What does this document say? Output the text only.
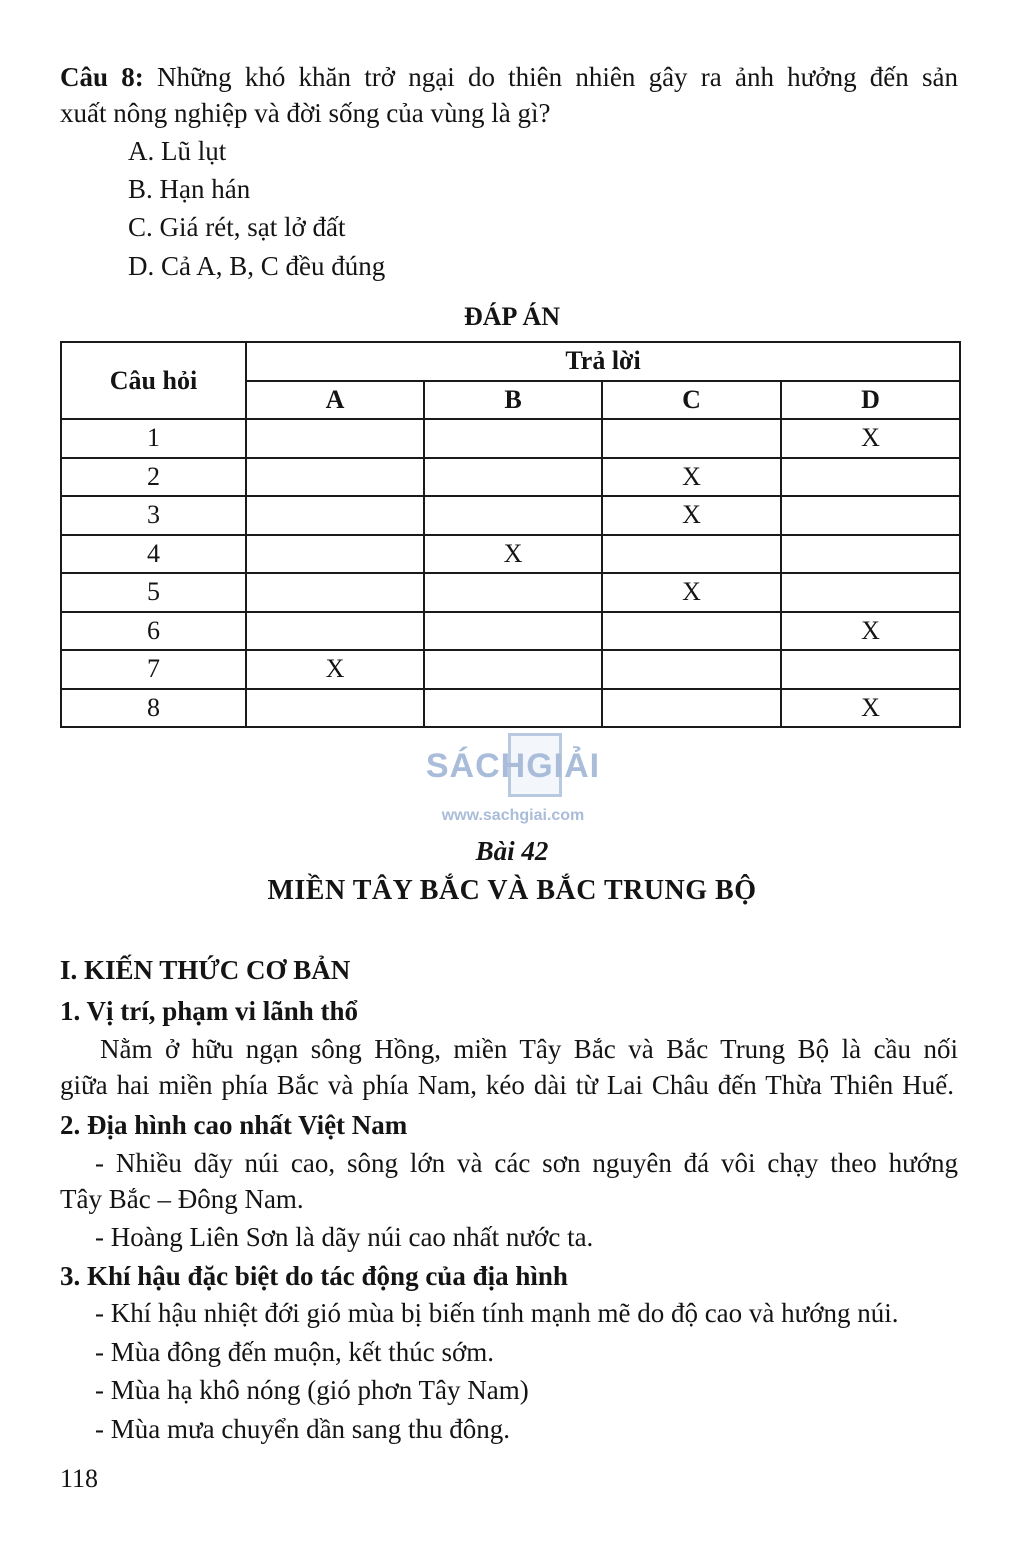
Câu 8: Những khó khăn trở ngại do thiên nhiên gây ra ảnh hưởng đến sản
xuất nông nghiệp và đời sống của vùng là gì?
A. Lũ lụt
B. Hạn hán
C. Giá rét, sạt lở đất
D. Cả A, B, C đều đúng
ĐÁP ÁN
Câu hỏi	Trả lời			
	A	B	C	D
1				X
2			X	
3			X	
4		X		
5			X	
6				X
7	X			
8				X
SÁCHGIẢI
www.sachgiai.com
Bài 42
MIỀN TÂY BẮC VÀ BẮC TRUNG BỘ
I. KIẾN THỨC CƠ BẢN
1. Vị trí, phạm vi lãnh thổ
Nằm ở hữu ngạn sông Hồng, miền Tây Bắc và Bắc Trung Bộ là cầu nối
giữa hai miền phía Bắc và phía Nam, kéo dài từ Lai Châu đến Thừa Thiên Huế.
2. Địa hình cao nhất Việt Nam
- Nhiều dãy núi cao, sông lớn và các sơn nguyên đá vôi chạy theo hướng
Tây Bắc – Đông Nam.
- Hoàng Liên Sơn là dãy núi cao nhất nước ta.
3. Khí hậu đặc biệt do tác động của địa hình
- Khí hậu nhiệt đới gió mùa bị biến tính mạnh mẽ do độ cao và hướng núi.
- Mùa đông đến muộn, kết thúc sớm.
- Mùa hạ khô nóng (gió phơn Tây Nam)
- Mùa mưa chuyển dần sang thu đông.
118
